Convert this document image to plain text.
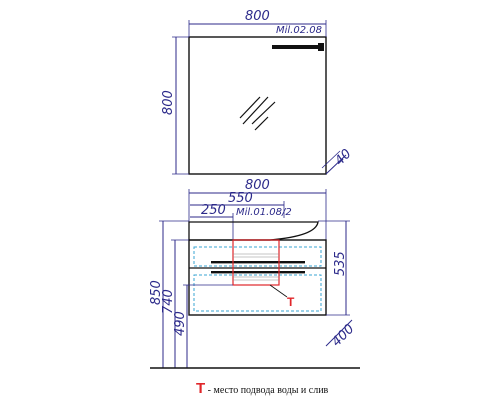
800
800
Mil.02.08
40
800
550
250 Mil.01.08/2
T
535
850
740
490	400
T - место подвода воды и слив
